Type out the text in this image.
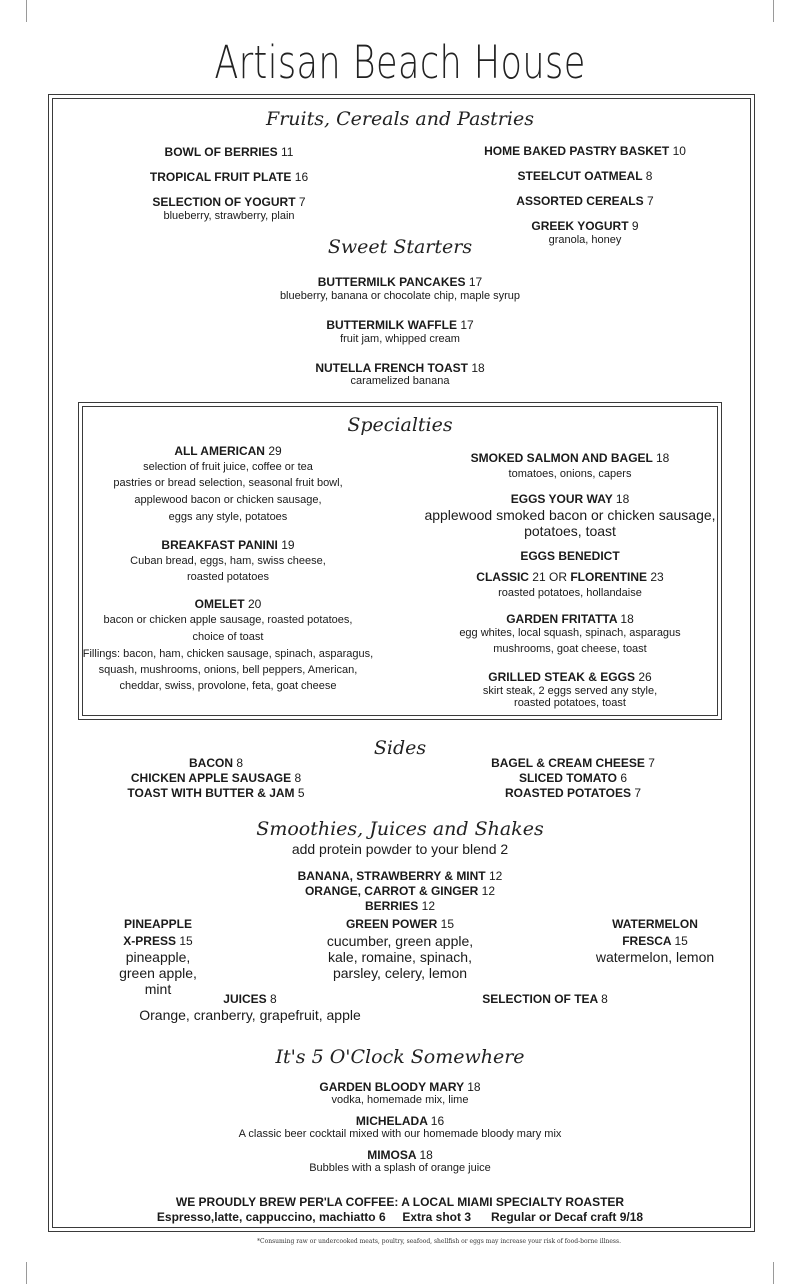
Artisan Beach House
Fruits, Cereals and Pastries
BOWL OF BERRIES 11
TROPICAL FRUIT PLATE 16
SELECTION OF YOGURT 7
blueberry, strawberry, plain
HOME BAKED PASTRY BASKET 10
STEELCUT OATMEAL 8
ASSORTED CEREALS 7
GREEK YOGURT 9
granola, honey
Sweet Starters
BUTTERMILK PANCAKES 17
blueberry, banana or chocolate chip, maple syrup
BUTTERMILK WAFFLE 17
fruit jam, whipped cream
NUTELLA FRENCH TOAST 18
caramelized banana
Specialties
ALL AMERICAN 29
selection of fruit juice, coffee or tea
pastries or bread selection, seasonal fruit bowl,
applewood bacon or chicken sausage,
eggs any style, potatoes
BREAKFAST PANINI 19
Cuban bread, eggs, ham, swiss cheese,
roasted potatoes
OMELET 20
bacon or chicken apple sausage, roasted potatoes,
choice of toast
Fillings: bacon, ham, chicken sausage, spinach, asparagus,
squash, mushrooms, onions, bell peppers, American,
cheddar, swiss, provolone, feta, goat cheese
SMOKED SALMON AND BAGEL 18
tomatoes, onions, capers
EGGS YOUR WAY 18
applewood smoked bacon or chicken sausage,
potatoes, toast
EGGS BENEDICT
CLASSIC 21 OR FLORENTINE 23
roasted potatoes, hollandaise
GARDEN FRITATTA 18
egg whites, local squash, spinach, asparagus
mushrooms, goat cheese, toast
GRILLED STEAK & EGGS 26
skirt steak, 2 eggs served any style,
roasted potatoes, toast
Sides
BACON 8
CHICKEN APPLE SAUSAGE 8
TOAST WITH BUTTER & JAM 5
BAGEL & CREAM CHEESE 7
SLICED TOMATO 6
ROASTED POTATOES 7
Smoothies, Juices and Shakes
add protein powder to your blend 2
BANANA, STRAWBERRY & MINT 12
ORANGE, CARROT & GINGER 12
BERRIES 12
PINEAPPLE
X-PRESS 15
pineapple,
green apple,
mint
GREEN POWER 15
cucumber, green apple,
kale, romaine, spinach,
parsley, celery, lemon
WATERMELON
FRESCA 15
watermelon, lemon
JUICES 8
Orange, cranberry, grapefruit, apple
SELECTION OF TEA 8
It's 5 O'Clock Somewhere
GARDEN BLOODY MARY 18
vodka, homemade mix, lime
MICHELADA 16
A classic beer cocktail mixed with our homemade bloody mary mix
MIMOSA 18
Bubbles with a splash of orange juice
WE PROUDLY BREW PER'LA COFFEE: A LOCAL MIAMI SPECIALTY ROASTER
Espresso,latte, cappuccino, machiatto 6     Extra shot 3      Regular or Decaf craft 9/18
*Consuming raw or undercooked meats, poultry, seafood, shellfish or eggs may increase your risk of food-borne illness.
